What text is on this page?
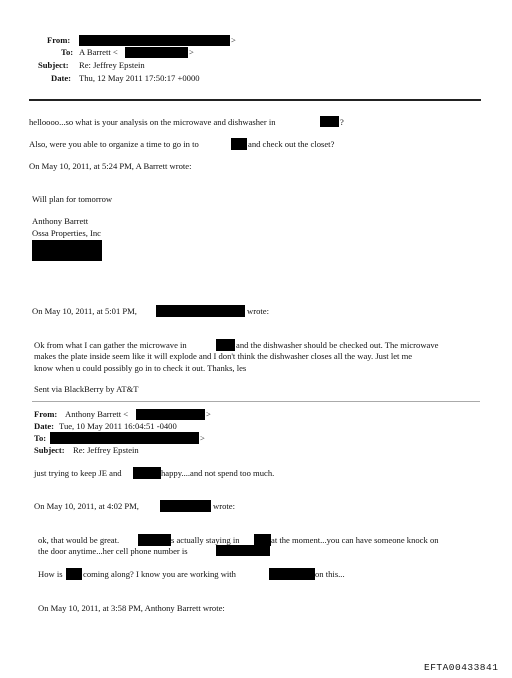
From:	>
To: A Barrett <	>
Subject: Re: Jeffrey Epstein
Date: Thu, 12 May 2011 17:50:17 +0000
helloooo...so what is your analysis on the microwave and dishwasher in	?
Also, were you able to organize a time to go in to	and check out the closet?
On May 10, 2011, at 5:24 PM, A Barrett wrote:
Will plan for tomorrow
Anthony Barrett
Ossa Properties, Inc
On May 10, 2011, at 5:01 PM,	wrote:
Ok from what I can gather the microwave in	and the dishwasher should be checked out. The microwave
makes the plate inside seem like it will explode and I don't think the dishwasher closes all the way. Just let me
know when u could possibly go in to check it out. Thanks, les
Sent via BlackBerry by AT&T
From: Anthony Barrett <	>
Date: Tue, 10 May 2011 16:04:51 -0400
To:	>
Subject: Re: Jeffrey Epstein
just trying to keep JE and	happy....and not spend too much.
On May 10, 2011, at 4:02 PM,	wrote:
ok, that would be great.	s actually staying in	at the moment...you can have someone knock on
the door anytime...her cell phone number is
How is coming along? I know you are working with	on this...
On May 10, 2011, at 3:58 PM, Anthony Barrett wrote:
EFTA00433841
